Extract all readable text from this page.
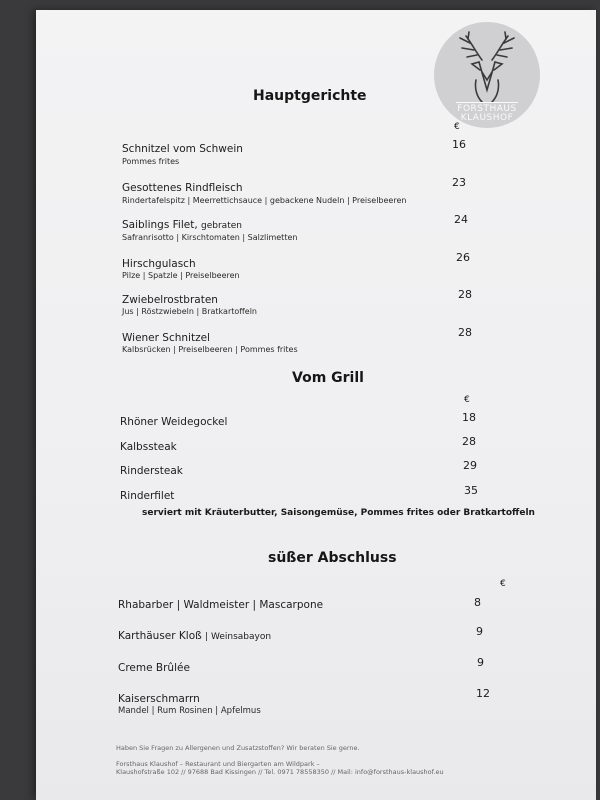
FORSTHAUS
KLAUSHOF
Hauptgerichte
€
Schnitzel vom Schwein
Pommes frites
16
Gesottenes Rindfleisch
Rindertafelspitz | Meerrettichsauce | gebackene Nudeln | Preiselbeeren
23
Saiblings Filet, gebraten
Safranrisotto | Kirschtomaten | Salzlimetten
24
Hirschgulasch
Pilze | Spatzle | Preiselbeeren
26
Zwiebelrostbraten
Jus | Röstzwiebeln | Bratkartoffeln
28
Wiener Schnitzel
Kalbsrücken | Preiselbeeren | Pommes frites
28
Vom Grill
€
Rhöner Weidegockel	18
Kalbssteak	28
Rindersteak	29
Rinderfilet	35
serviert mit Kräuterbutter, Saisongemüse, Pommes frites oder Bratkartoffeln
süßer Abschluss
€
Rhabarber | Waldmeister | Mascarpone	8
Karthäuser Kloß | Weinsabayon	9
Creme Brûlée	9
Kaiserschmarrn
Mandel | Rum Rosinen | Apfelmus
12
Haben Sie Fragen zu Allergenen und Zusatzstoffen? Wir beraten Sie gerne.
Forsthaus Klaushof – Restaurant und Biergarten am Wildpark –
Klaushofstraße 102 // 97688 Bad Kissingen // Tel. 0971 78558350 // Mail: info@forsthaus-klaushof.eu
